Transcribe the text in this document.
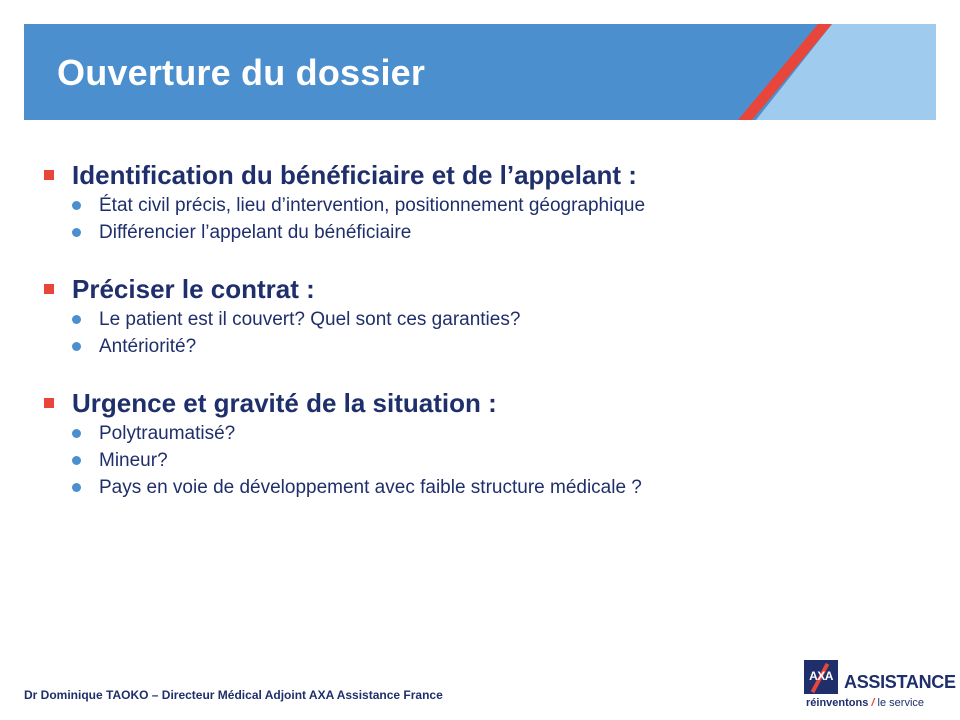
Ouverture du dossier
Identification du bénéficiaire et de l’appelant :
État civil précis, lieu d’intervention, positionnement géographique
Différencier l’appelant du bénéficiaire
Préciser le contrat :
Le patient est il couvert? Quel sont ces garanties?
Antériorité?
Urgence et gravité de la situation :
Polytraumatisé?
Mineur?
Pays en voie de développement avec faible structure médicale ?
Dr Dominique TAOKO – Directeur Médical Adjoint AXA Assistance France
AXA ASSISTANCE
réinventons / le service
